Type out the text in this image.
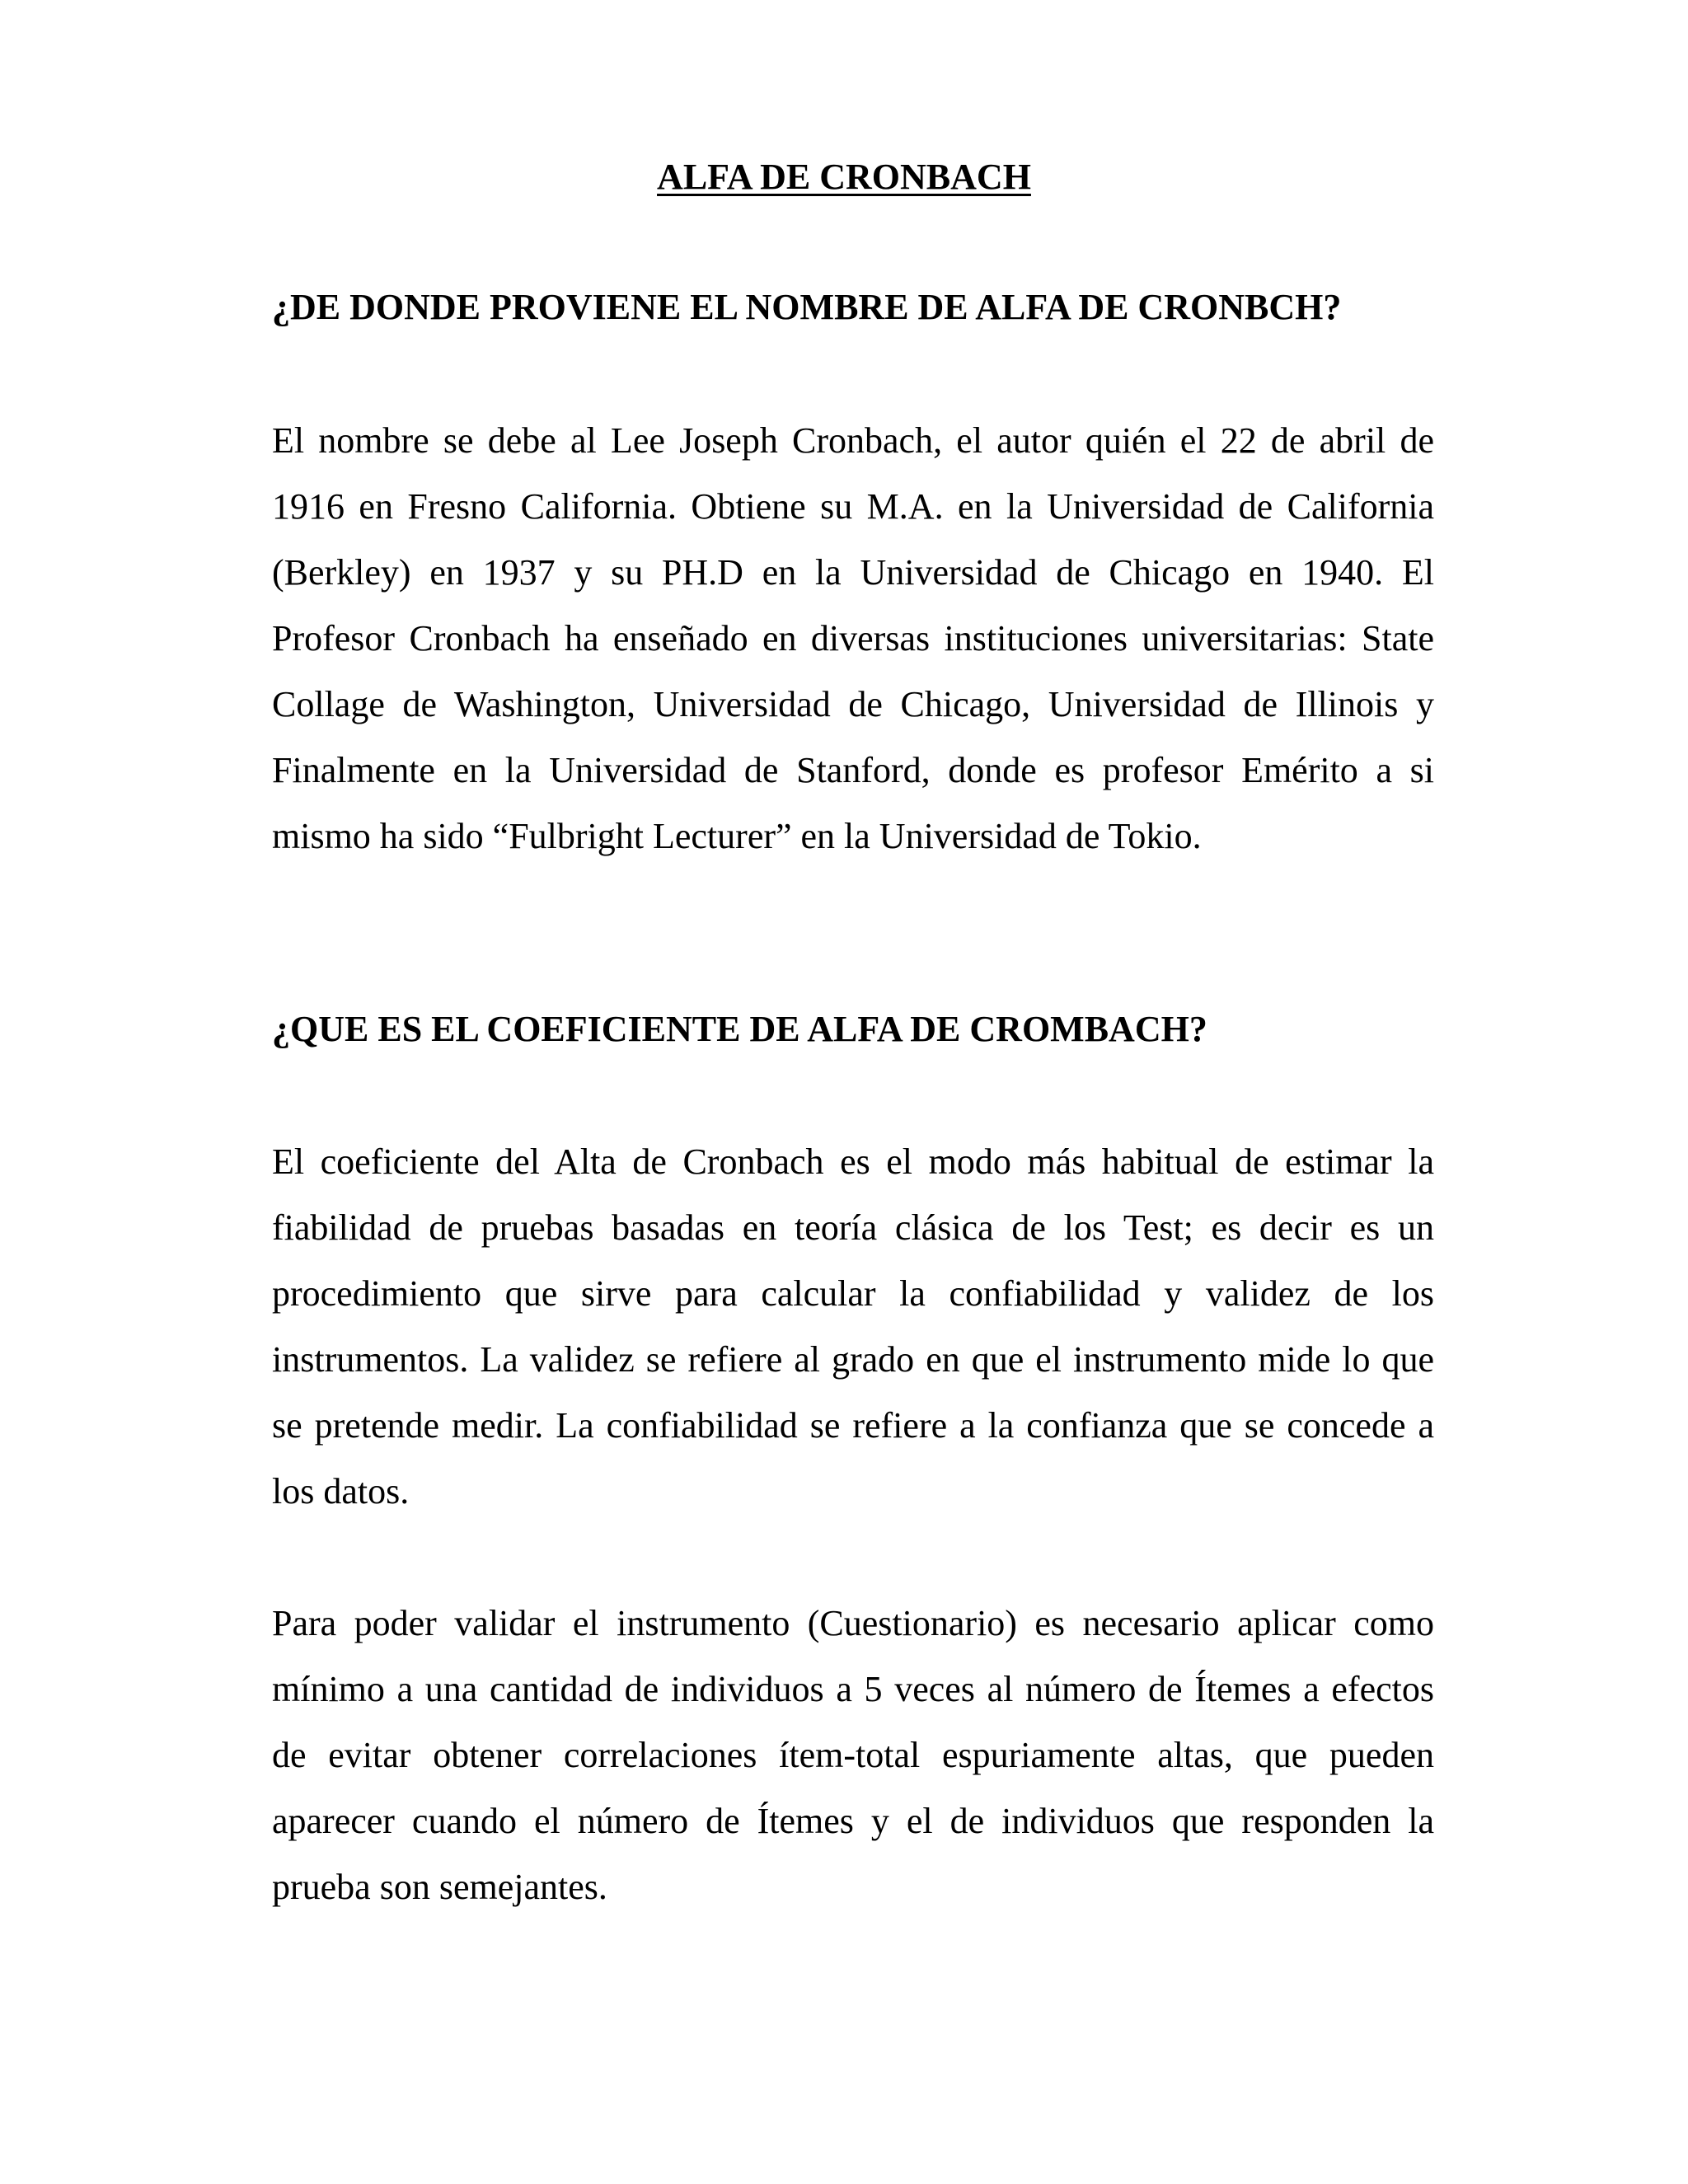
ALFA DE CRONBACH
¿DE DONDE PROVIENE EL NOMBRE DE ALFA DE CRONBCH?

El nombre se debe al Lee Joseph Cronbach, el autor quién el 22 de abril de 1916 en Fresno California. Obtiene su M.A. en la Universidad de California (Berkley) en 1937 y su PH.D en la Universidad de Chicago en 1940. El Profesor Cronbach ha enseñado en diversas instituciones universitarias: State Collage de Washington, Universidad de Chicago, Universidad de Illinois y Finalmente en la Universidad de Stanford, donde es profesor Emérito a si mismo ha sido “Fulbright Lecturer” en la Universidad de Tokio.

¿QUE ES EL COEFICIENTE DE ALFA DE CROMBACH?

El coeficiente del Alta de Cronbach es el modo más habitual de estimar la fiabilidad de pruebas basadas en teoría clásica de los Test; es decir es un procedimiento que sirve para calcular la confiabilidad y validez de los instrumentos. La validez se refiere al grado en que el instrumento mide lo que se pretende medir. La confiabilidad se refiere a la confianza que se concede a los datos.

Para poder validar el instrumento (Cuestionario) es necesario aplicar como mínimo a una cantidad de individuos a 5 veces al número de Ítemes a efectos de evitar obtener correlaciones ítem-total espuriamente altas, que pueden aparecer cuando el número de Ítemes y el de individuos que responden la prueba son semejantes.
